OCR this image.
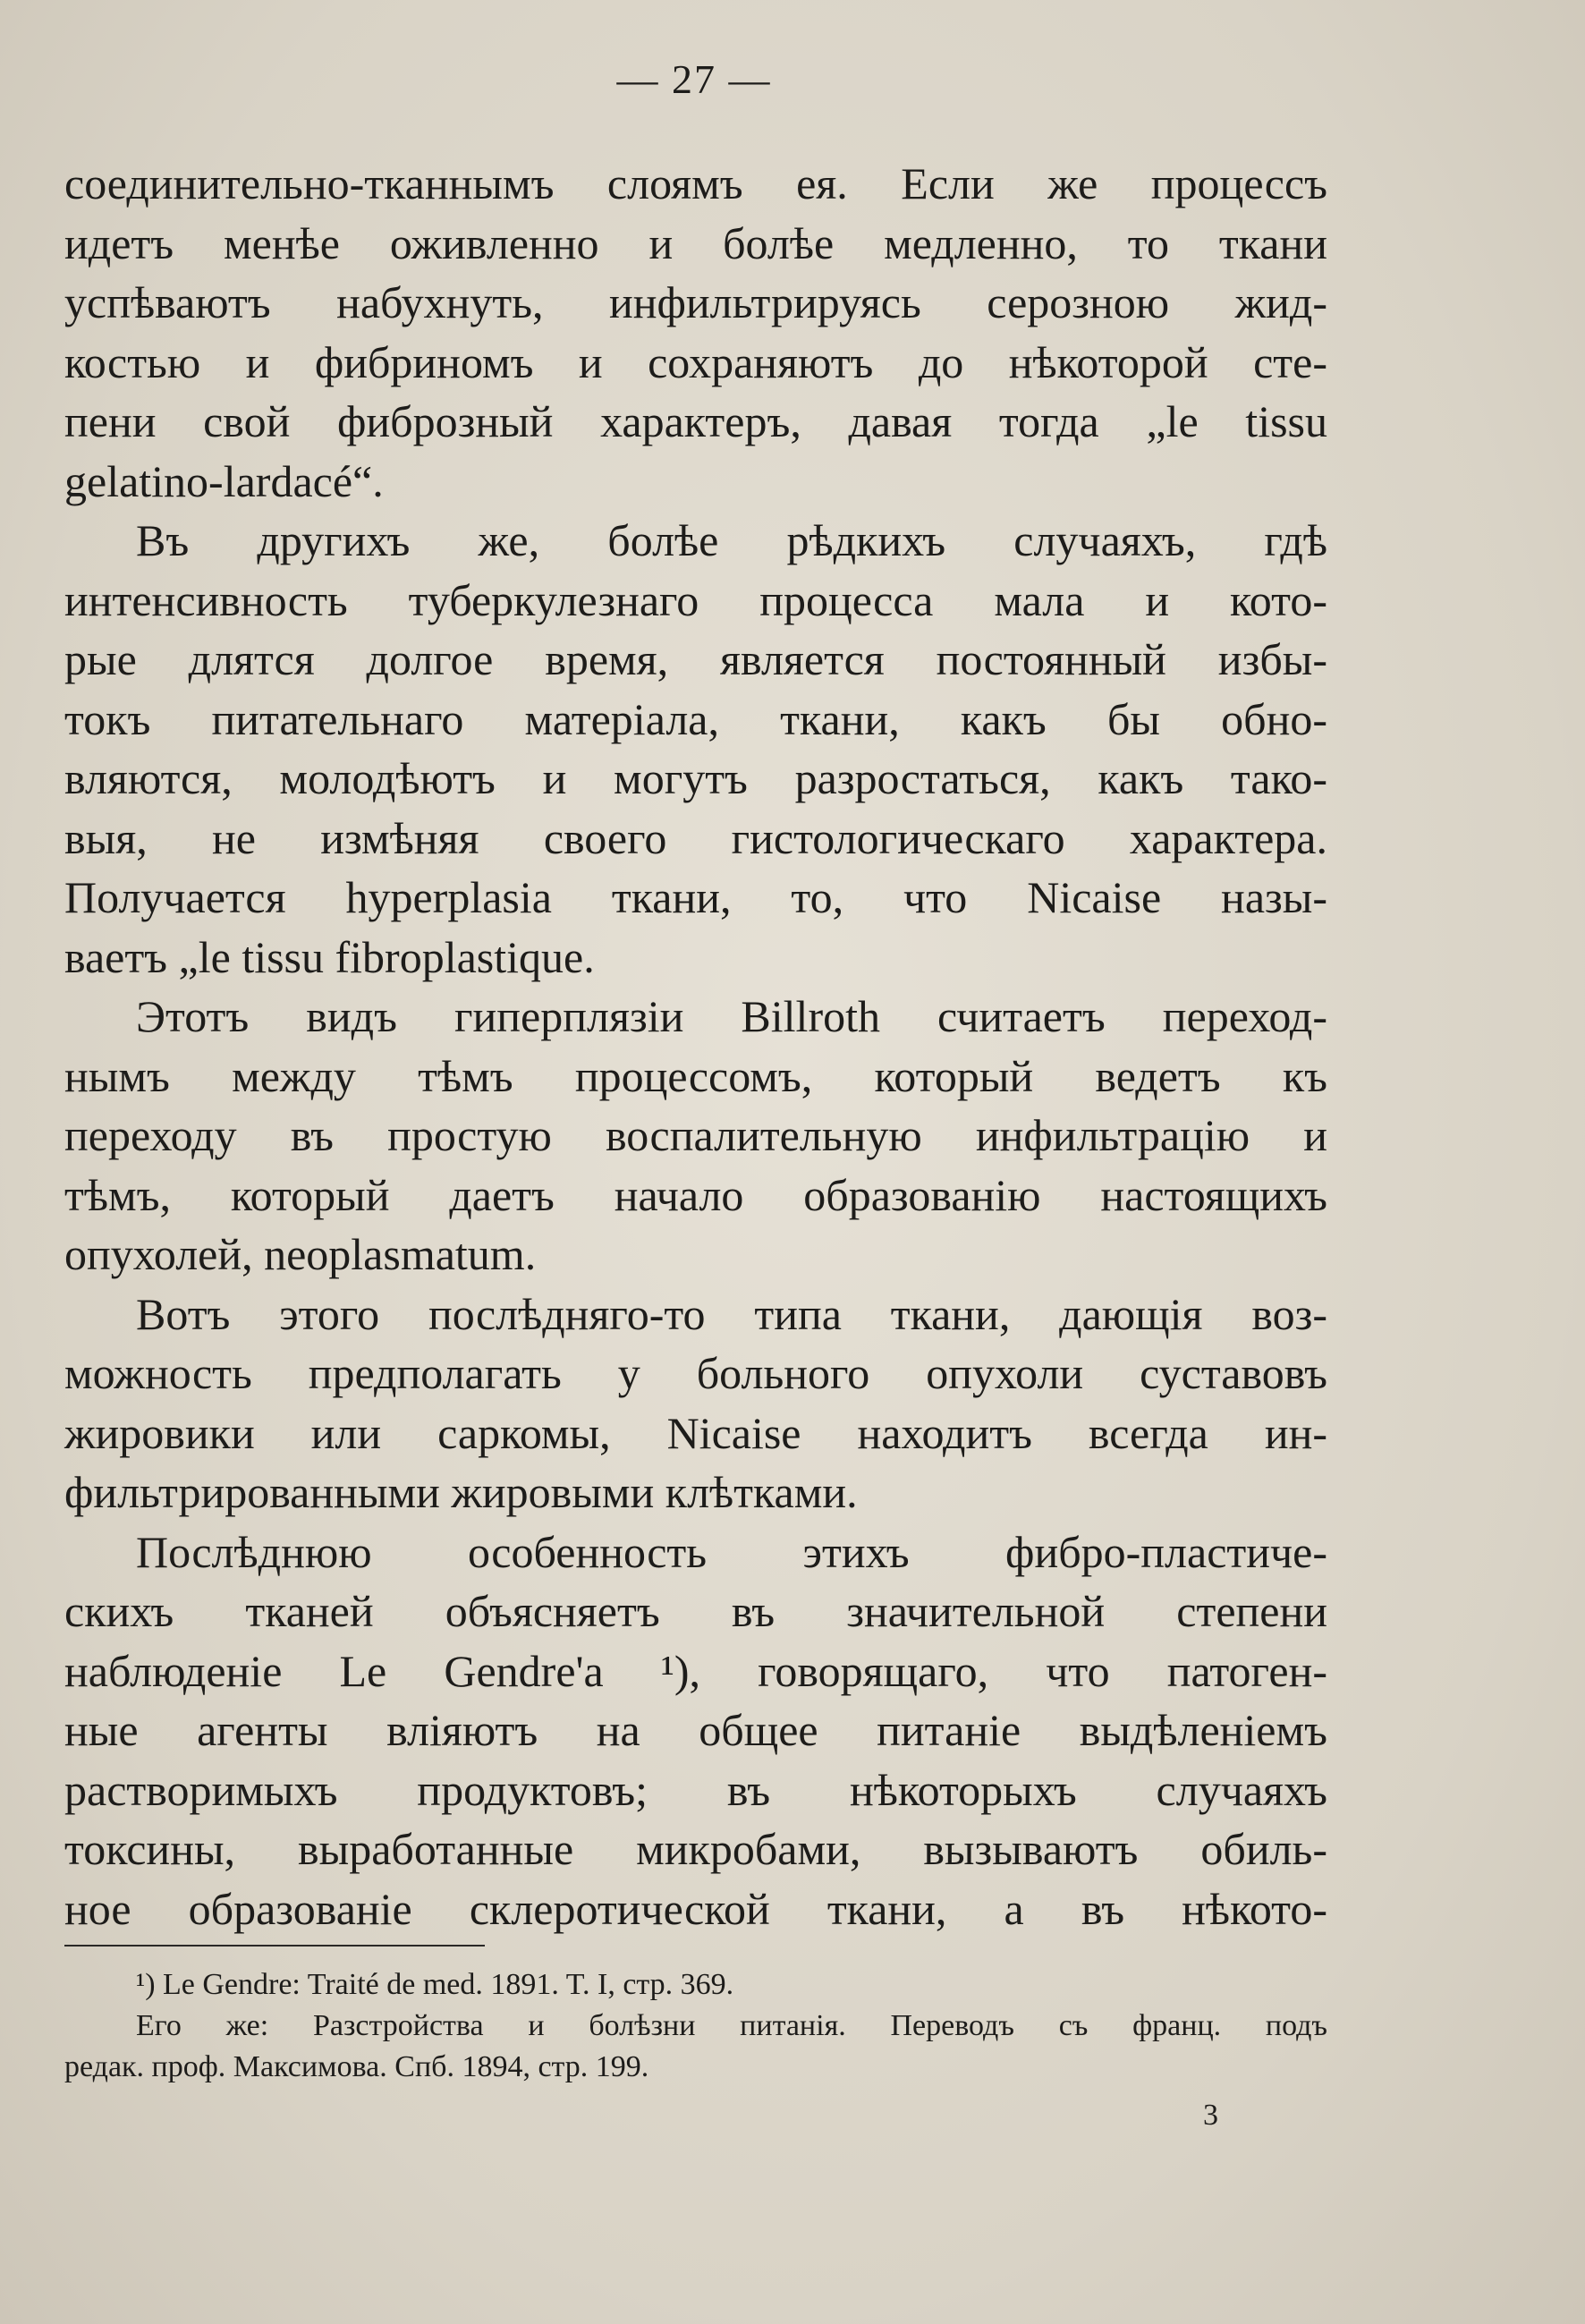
— 27 —

соединительно-тканнымъ слоямъ ея. Если же процессъ
идетъ менѣе оживленно и болѣе медленно, то ткани
успѣваютъ набухнуть, инфильтрируясь серозною жид-
костью и фибриномъ и сохраняютъ до нѣкоторой сте-
пени свой фиброзный характеръ, давая тогда „le tissu
gelatino-lardacé“.

Въ другихъ же, болѣе рѣдкихъ случаяхъ, гдѣ
интенсивность туберкулезнаго процесса мала и кото-
рые длятся долгое время, является постоянный избы-
токъ питательнаго матеріала, ткани, какъ бы обно-
вляются, молодѣютъ и могутъ разростаться, какъ тако-
выя, не измѣняя своего гистологическаго характера.
Получается hyperplasia ткани, то, что Nicaise назы-
ваетъ „le tissu fibroplastique.

Этотъ видъ гиперплязіи Billroth считаетъ переход-
нымъ между тѣмъ процессомъ, который ведетъ къ
переходу въ простую воспалительную инфильтрацію и
тѣмъ, который даетъ начало образованію настоящихъ
опухолей, neoplasmatum.

Вотъ этого послѣдняго-то типа ткани, дающія воз-
можность предполагать у больного опухоли суставовъ
жировики или саркомы, Nicaise находитъ всегда ин-
фильтрированными жировыми клѣтками.

Послѣднюю особенность этихъ фибро-пластиче-
скихъ тканей объясняетъ въ значительной степени
наблюденіе Le Gendre'a ¹), говорящаго, что патоген-
ные агенты вліяютъ на общее питаніе выдѣленіемъ
растворимыхъ продуктовъ; въ нѣкоторыхъ случаяхъ
токсины, выработанные микробами, вызываютъ обиль-
ное образованіе склеротической ткани, а въ нѣкото-

¹) Le Gendre: Traité de med. 1891. T. I, стр. 369.
Его же: Разстройства и болѣзни питанія. Переводъ съ франц. подъ
редак. проф. Максимова. Спб. 1894, стр. 199.
3
